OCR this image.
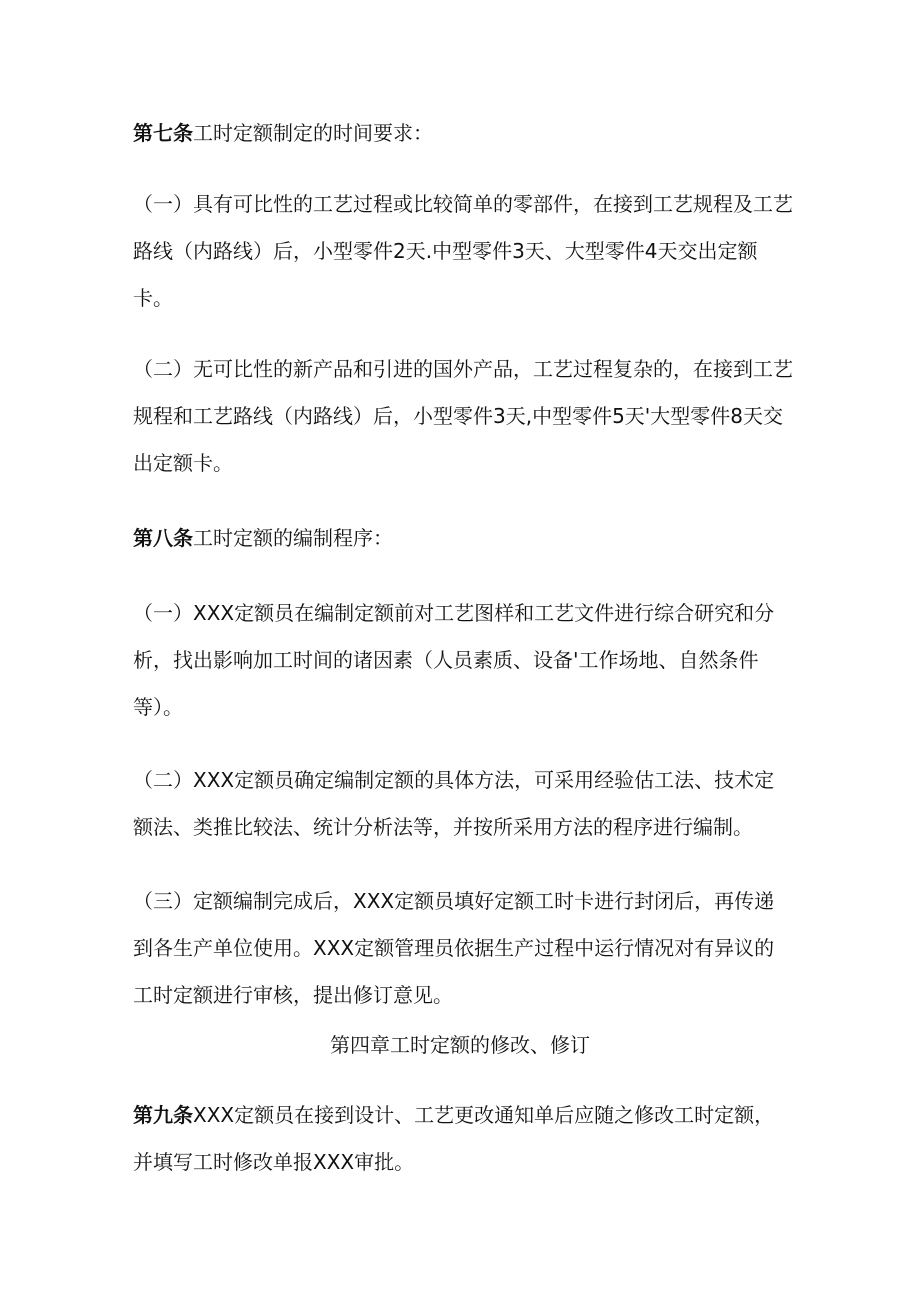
第七条工时定额制定的时间要求：

（一）具有可比性的工艺过程或比较简单的零部件，在接到工艺规程及工艺路线（内路线）后，小型零件2天.中型零件3天、大型零件4天交出定额卡。

（二）无可比性的新产品和引进的国外产品，工艺过程复杂的，在接到工艺规程和工艺路线（内路线）后，小型零件3天,中型零件5天'大型零件8天交出定额卡。

第八条工时定额的编制程序：

（一）XXX定额员在编制定额前对工艺图样和工艺文件进行综合研究和分析，找出影响加工时间的诸因素（人员素质、设备'工作场地、自然条件等）。

（二）XXX定额员确定编制定额的具体方法，可采用经验估工法、技术定额法、类推比较法、统计分析法等，并按所采用方法的程序进行编制。

（三）定额编制完成后，XXX定额员填好定额工时卡进行封闭后，再传递到各生产单位使用。XXX定额管理员依据生产过程中运行情况对有异议的工时定额进行审核，提出修订意见。

第四章工时定额的修改、修订

第九条XXX定额员在接到设计、工艺更改通知单后应随之修改工时定额，并填写工时修改单报XXX审批。
